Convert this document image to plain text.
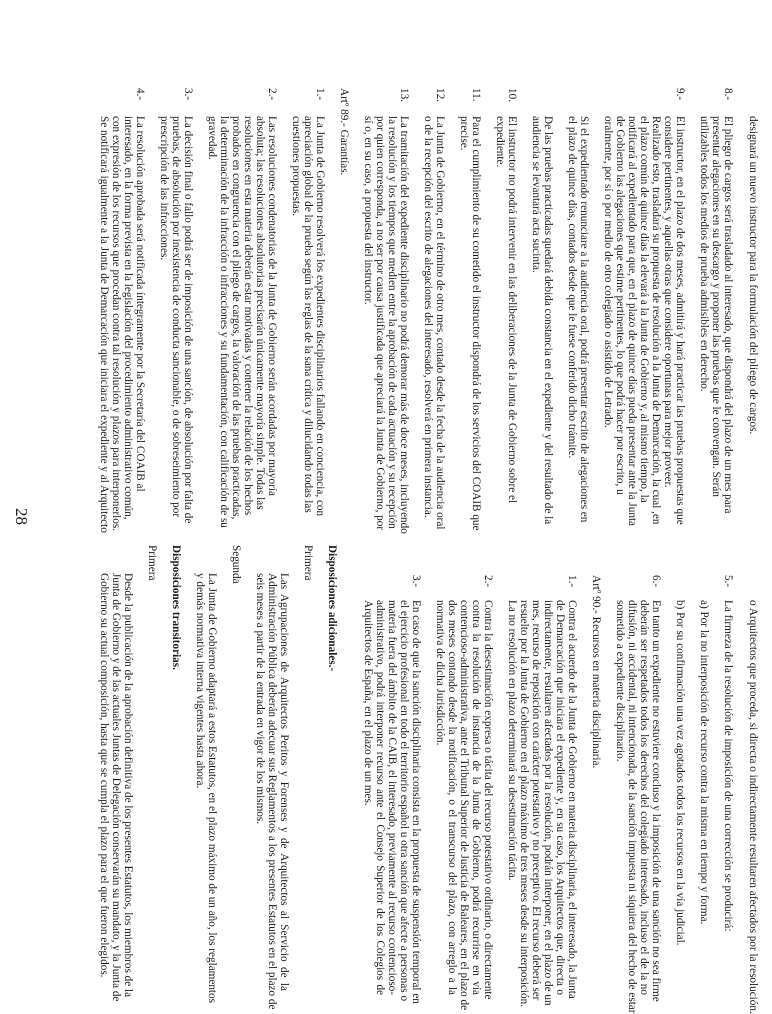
designará un nuevo instructor para la formulación del pliego de cargos.
8.-
El pliego de cargos será trasladado al interesado, que dispondrá del plazo de un mes para
presentar alegaciones en su descargo y proponer las pruebas que le convengan. Serán
utilizables todos los medios de prueba admisibles en derecho.
9.-
El instructor, en el plazo de dos meses, admitirá y hará practicar las pruebas propuestas que
considere pertinentes, y aquellas otras que considere oportunas para mejor proveer.
Realizado esto, trasladará su propuesta de resolución a la Junta de Demarcación, la cual ,en
el plazo común de quince días la elevará a la Junta de Gobierno y, al mismo tiempo, la
notificará al expedientado para que, en el plazo de quince días pueda presentar ante la Junta
de Gobierno las alegaciones que estime pertinentes, lo que podrá hacer por escrito, u
oralmente, por sí o por medio de otro colegiado o asistido de Letrado.
Si el expedientado renunciare a la audiencia oral, podrá presentar escrito de alegaciones en
el plazo de quince días, contados desde que le fuese conferido dicho trámite.
De las pruebas practicadas quedará debida constancia en el expediente y del resultado de la
audiencia se levantará acta sucinta.
10.
El instructor no podrá intervenir en las deliberaciones de la Junta de Gobierno sobre el
expediente.
11.
Para el cumplimiento de su cometido el instructor dispondrá de los servicios del COAIB que
precise.
12.
La Junta de Gobierno, en el término de otro mes, contado desde la fecha de la audiencia oral
o de la recepción del escrito de alegaciones del interesado, resolverá en primera instancia.
13.
La tramitación del expediente disciplinario no podrá demorar más de doce meses, incluyendo
la resolución y los tiempos que medien entre la aprobación de cada actuación y su recepción
por quien corresponda, a no ser por causa justificada que apreciará la Junta de Gobierno, por
sí o, en su caso, a propuesta del instructor.
Artº 89.- Garantías.
1.-
La Junta de Gobierno resolverá los expedientes disciplinarios fallando en conciencia, con
apreciación global de la prueba según las reglas de la sana crítica y dilucidando todas las
cuestiones propuestas.
2.-
Las resoluciones condenatorias de la Junta de Gobierno serán acordadas por mayoría
absoluta; las resoluciones absolutorias precisarán únicamente mayoría simple. Todas las
resoluciones en esta materia deberán estar motivadas y contener la relación de los hechos
probados en congruencia con el pliego de cargos, la valoración de las pruebas practicadas,
la determinación de la infracción o infracciones y su fundamentación, con calificación de su
gravedad.
3.-
La decisión final o fallo podrá ser de imposición de una sanción, de absolución por falta de
pruebas, de absolución por inexistencia de conducta sancionable, o de sobreseimiento por
prescripción de las infracciones.
4.-
La resolución aprobada será notificada íntegramente por la Secretaría del COAIB al
interesado, en la forma prevista en la legislación del procedimiento administrativo común,
con expresión de los recursos que procedan contra tal resolución y plazos para interponerlos.
Se notificará igualmente a la Junta de Demarcación que iniciara el expediente y al Arquitecto
o Arquitectos que proceda, si directa o indirectamente resultaren afectados por la resolución.
5.-
La firmeza de la resolución de imposición de una corrección se producirá:
a) Por la no interposición de recurso contra la misma en tiempo y forma.
b) Por su confirmación una vez agotados todos los recursos en la vía judicial.
6.-
En tanto un expediente no estuviere concluso y la imposición de una sanción no sea firme
deberán ser respetados todos los derechos del colegiado interesado, incluso el de la no
difusión, ni accidental, ni intencionada, de la sanción impuesta ni siquiera del hecho de estar
sometido a expediente disciplinario.
Artº 90.- Recursos en materia disciplinaria.
1.-
Contra el acuerdo de la Junta de Gobierno en materia disciplinaria, el interesado, la Junta
de Demarcación que iniciara el expediente y, en su caso, los Arquitectos que, directa o
indirectamente, resultaren afectados por la resolución, podrán interponer, en el plazo de un
mes, recurso de reposición con carácter potestativo y no preceptivo. El recurso deberá ser
resuelto por la Junta de Gobierno en el plazo máximo de tres meses desde su interposición.
La no resolución en plazo determinará su desestimación tácita.
2.-
Contra la desestimación expresa o tácita del recurso potestativo ordinario, o directamente
contra la resolución de instancia de la Junta de Gobierno, podrá recurrirse en vía
contencioso-administrativa, ante el Tribunal Superior de Justicia de Baleares, en el plazo de
dos meses contando desde la notificación, o el transcurso del plazo, con arreglo a la
normativa de dicha Jurisdicción.
3.-
En caso de que la sanción disciplinaria consista en la propuesta de suspensión temporal en
el ejercicio profesional en todo el territorio español u otra sanción que afecte a personas o
materia fuera del ámbito de la CAIB, el interesado, previamente al recurso contencioso-
administrativo, podrá interponer recurso ante el Consejo Superior de los Colegios de
Arquitectos de España, en el plazo de un mes.
Disposiciones adicionales.-
Primera
Las Agrupaciones de Arquitectos Peritos y Forenses y de Arquitectos al Servicio de la
Administración Pública deberán adecuar sus Reglamentos a los presentes Estatutos en el plazo de
seis meses a partir de la entrada en vigor de los mismos.
Segunda
La Junta de Gobierno adaptará a estos Estatutos, en el plazo máximo de un año, los reglamentos
y demás normativa interna vigentes hasta ahora.
Disposiciones transitorias.
Primera
Desde la publicación de la aprobación definitiva de los presentes Estatutos, los miembros de la
Junta de Gobierno y de las actuales Juntas de Delegación conservarán su mandato, y la Junta de
Gobierno su actual composición, hasta que se cumpla el plazo para el que fueron elegidos.
28
